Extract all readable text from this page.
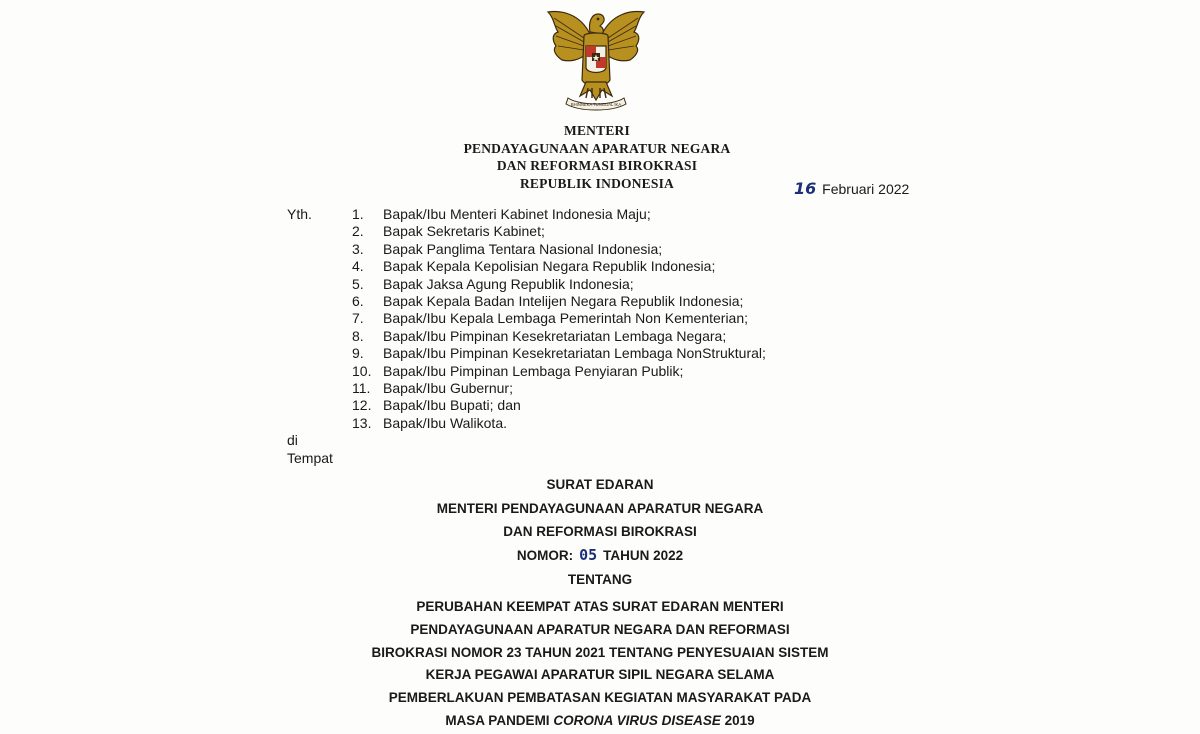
BHINNEKA TUNGGAL IKA
MENTERI
PENDAYAGUNAAN APARATUR NEGARA
DAN REFORMASI BIROKRASI
REPUBLIK INDONESIA	16 Februari 2022
Yth.	1. Bapak/Ibu Menteri Kabinet Indonesia Maju;
2. Bapak Sekretaris Kabinet;
3. Bapak Panglima Tentara Nasional Indonesia;
4. Bapak Kepala Kepolisian Negara Republik Indonesia;
5. Bapak Jaksa Agung Republik Indonesia;
6. Bapak Kepala Badan Intelijen Negara Republik Indonesia;
7. Bapak/Ibu Kepala Lembaga Pemerintah Non Kementerian;
8. Bapak/Ibu Pimpinan Kesekretariatan Lembaga Negara;
9. Bapak/Ibu Pimpinan Kesekretariatan Lembaga NonStruktural;
10. Bapak/Ibu Pimpinan Lembaga Penyiaran Publik;
11. Bapak/Ibu Gubernur;
12. Bapak/Ibu Bupati; dan
13. Bapak/Ibu Walikota.
di
Tempat
SURAT EDARAN
MENTERI PENDAYAGUNAAN APARATUR NEGARA
DAN REFORMASI BIROKRASI
NOMOR: 05 TAHUN 2022
TENTANG
PERUBAHAN KEEMPAT ATAS SURAT EDARAN MENTERI
PENDAYAGUNAAN APARATUR NEGARA DAN REFORMASI
BIROKRASI NOMOR 23 TAHUN 2021 TENTANG PENYESUAIAN SISTEM
KERJA PEGAWAI APARATUR SIPIL NEGARA SELAMA
PEMBERLAKUAN PEMBATASAN KEGIATAN MASYARAKAT PADA
MASA PANDEMI CORONA VIRUS DISEASE 2019
